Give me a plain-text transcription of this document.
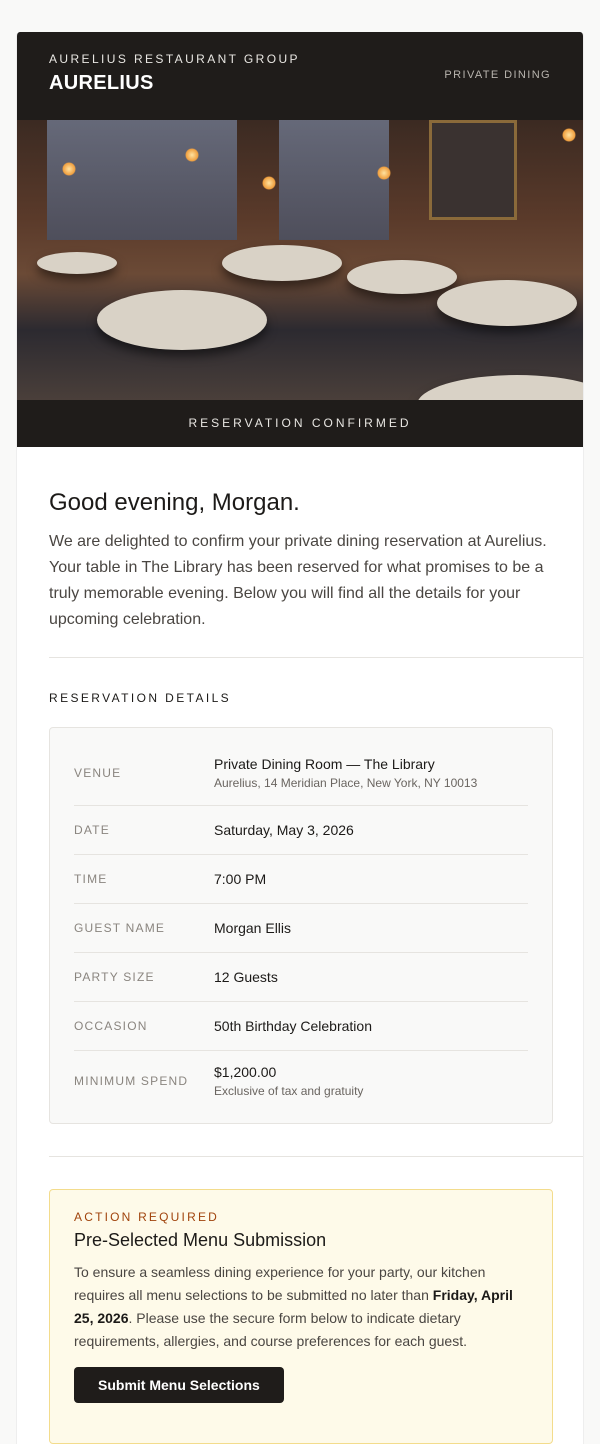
AURELIUS RESTAURANT GROUP
AURELIUS	PRIVATE DINING
RESERVATION CONFIRMED
Good evening, Morgan.

We are delighted to confirm your private dining reservation at Aurelius. Your table in The Library has been reserved for what promises to be a truly memorable evening. Below you will find all the details for your upcoming celebration.

RESERVATION DETAILS
VENUE
Private Dining Room — The Library
Aurelius, 14 Meridian Place, New York, NY 10013
DATE	Saturday, May 3, 2026
TIME	7:00 PM
GUEST NAME	Morgan Ellis
PARTY SIZE	12 Guests
OCCASION	50th Birthday Celebration
MINIMUM SPEND
$1,200.00
Exclusive of tax and gratuity
ACTION REQUIRED
Pre-Selected Menu Submission

To ensure a seamless dining experience for your party, our kitchen requires all menu selections to be submitted no later than Friday, April 25, 2026. Please use the secure form below to indicate dietary requirements, allergies, and course preferences for each guest.

Submit Menu Selections
